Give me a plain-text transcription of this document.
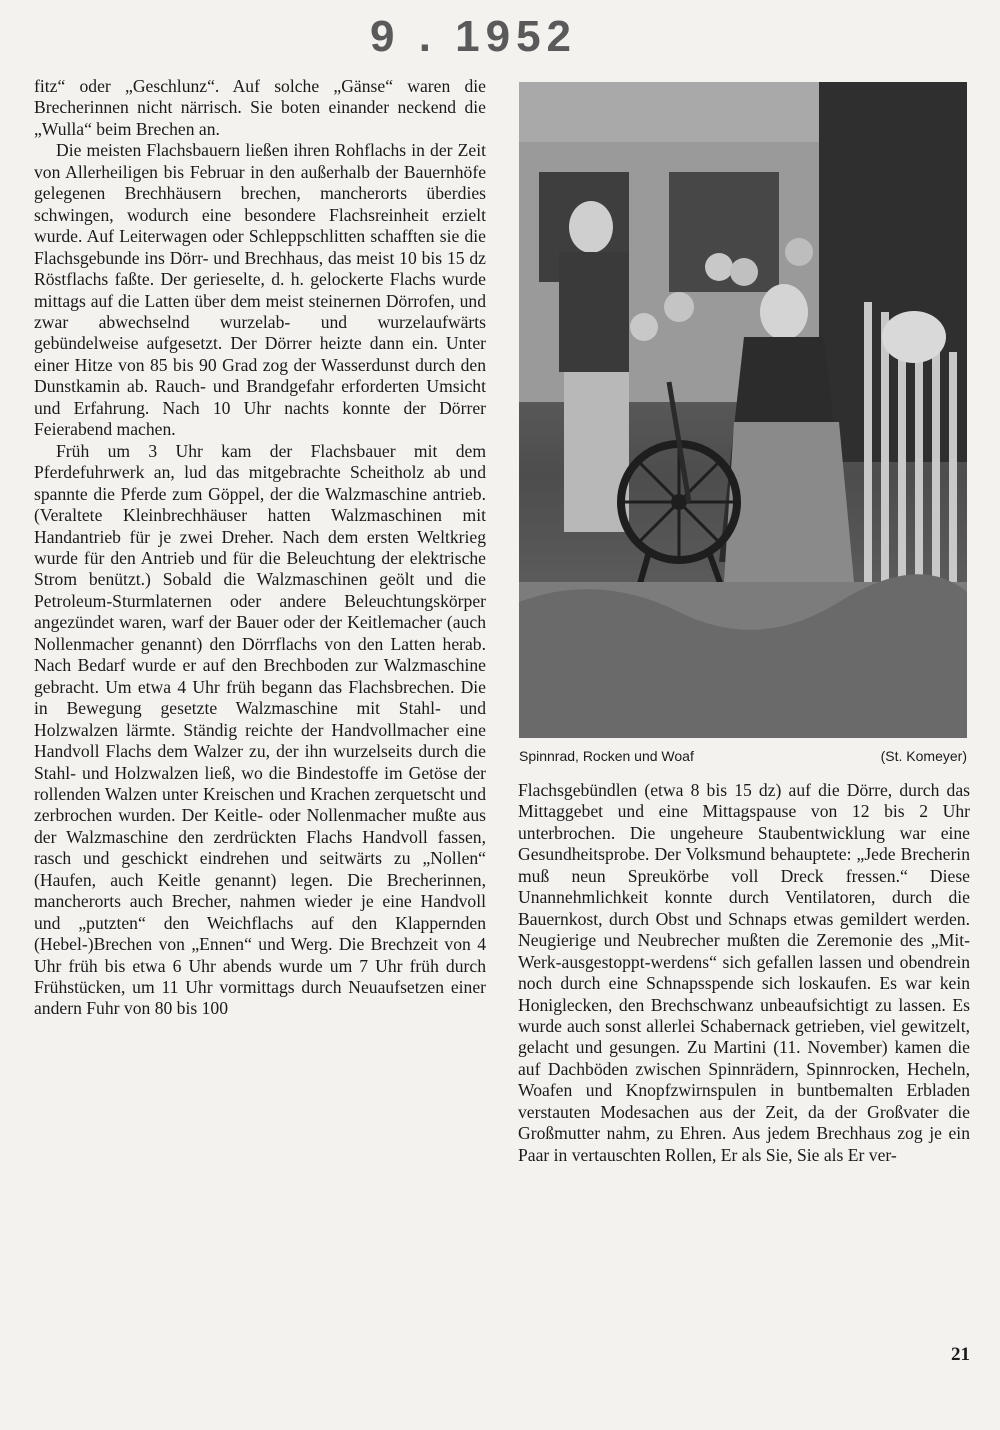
9 . 1952

fitz“ oder „Geschlunz“. Auf solche „Gänse“ waren die Brecherinnen nicht närrisch. Sie boten einander neckend die „Wulla“ beim Brechen an.

Die meisten Flachsbauern ließen ihren Rohflachs in der Zeit von Allerheiligen bis Februar in den außerhalb der Bauernhöfe gelegenen Brechhäusern brechen, mancherorts überdies schwingen, wodurch eine besondere Flachsreinheit erzielt wurde. Auf Leiterwagen oder Schleppschlitten schafften sie die Flachsgebunde ins Dörr- und Brechhaus, das meist 10 bis 15 dz Röstflachs faßte. Der gerieselte, d. h. gelockerte Flachs wurde mittags auf die Latten über dem meist steinernen Dörrofen, und zwar abwechselnd wurzelab- und wurzelaufwärts gebündelweise aufgesetzt. Der Dörrer heizte dann ein. Unter einer Hitze von 85 bis 90 Grad zog der Wasserdunst durch den Dunstkamin ab. Rauch- und Brandgefahr erforderten Umsicht und Erfahrung. Nach 10 Uhr nachts konnte der Dörrer Feierabend machen.

Früh um 3 Uhr kam der Flachsbauer mit dem Pferdefuhrwerk an, lud das mitgebrachte Scheitholz ab und spannte die Pferde zum Göppel, der die Walzmaschine antrieb. (Veraltete Kleinbrechhäuser hatten Walzmaschinen mit Handantrieb für je zwei Dreher. Nach dem ersten Weltkrieg wurde für den Antrieb und für die Beleuchtung der elektrische Strom benützt.) Sobald die Walzmaschinen geölt und die Petroleum-Sturmlaternen oder andere Beleuchtungskörper angezündet waren, warf der Bauer oder der Keitlemacher (auch Nollenmacher genannt) den Dörrflachs von den Latten herab. Nach Bedarf wurde er auf den Brechboden zur Walzmaschine gebracht. Um etwa 4 Uhr früh begann das Flachsbrechen. Die in Bewegung gesetzte Walzmaschine mit Stahl- und Holzwalzen lärmte. Ständig reichte der Handvollmacher eine Handvoll Flachs dem Walzer zu, der ihn wurzelseits durch die Stahl- und Holzwalzen ließ, wo die Bindestoffe im Getöse der rollenden Walzen unter Kreischen und Krachen zerquetscht und zerbrochen wurden. Der Keitle- oder Nollenmacher mußte aus der Walzmaschine den zerdrückten Flachs Handvoll fassen, rasch und geschickt eindrehen und seitwärts zu „Nollen“ (Haufen, auch Keitle genannt) legen. Die Brecherinnen, mancherorts auch Brecher, nahmen wieder je eine Handvoll und „putzten“ den Weichflachs auf den Klappernden (Hebel-)Brechen von „Ennen“ und Werg. Die Brechzeit von 4 Uhr früh bis etwa 6 Uhr abends wurde um 7 Uhr früh durch Frühstücken, um 11 Uhr vormittags durch Neuaufsetzen einer andern Fuhr von 80 bis 100

Spinnrad, Rocken und Woaf	(St. Komeyer)

Flachsgebündlen (etwa 8 bis 15 dz) auf die Dörre, durch das Mittaggebet und eine Mittagspause von 12 bis 2 Uhr unterbrochen. Die ungeheure Staubentwicklung war eine Gesundheitsprobe. Der Volksmund behauptete: „Jede Brecherin muß neun Spreukörbe voll Dreck fressen.“ Diese Unannehmlichkeit konnte durch Ventilatoren, durch die Bauernkost, durch Obst und Schnaps etwas gemildert werden. Neugierige und Neubrecher mußten die Zeremonie des „Mit-Werk-ausgestoppt-werdens“ sich gefallen lassen und obendrein noch durch eine Schnapsspende sich loskaufen. Es war kein Honiglecken, den Brechschwanz unbeaufsichtigt zu lassen. Es wurde auch sonst allerlei Schabernack getrieben, viel gewitzelt, gelacht und gesungen. Zu Martini (11. November) kamen die auf Dachböden zwischen Spinnrädern, Spinnrocken, Hecheln, Woafen und Knopfzwirnspulen in buntbemalten Erbladen verstauten Modesachen aus der Zeit, da der Großvater die Großmutter nahm, zu Ehren. Aus jedem Brechhaus zog je ein Paar in vertauschten Rollen, Er als Sie, Sie als Er ver-

21
